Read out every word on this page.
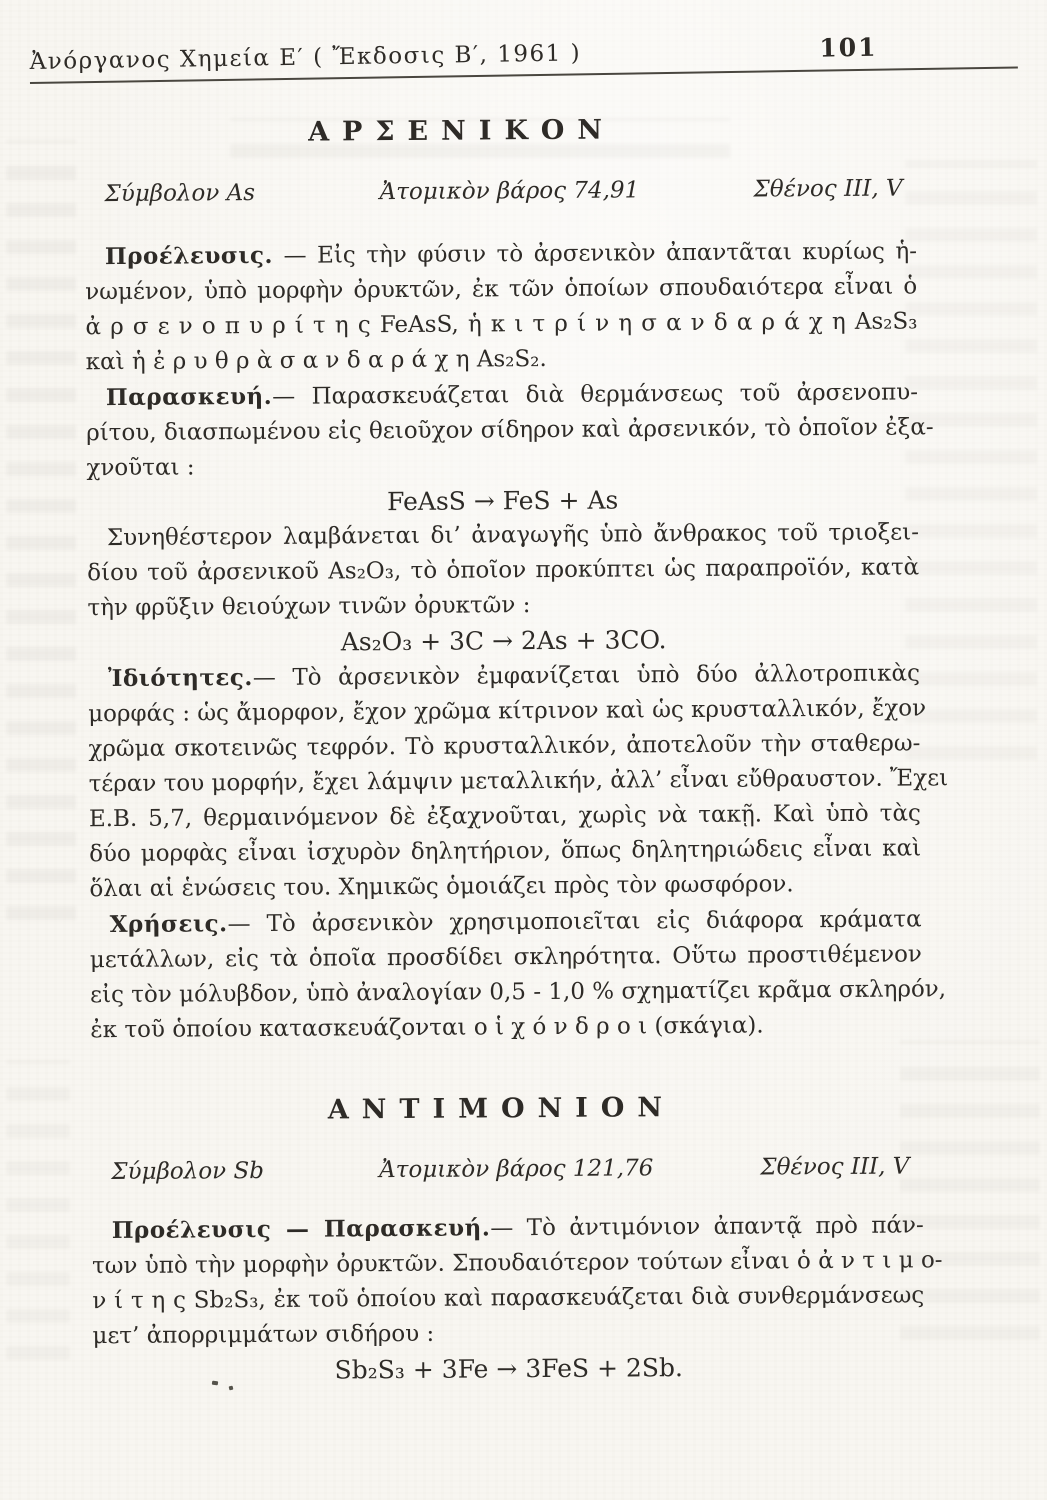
Ἀνόργανος Χημεία Ε′ ( Ἔκδοσις Β′, 1961 )	101
ΑΡΣΕΝΙΚΟΝ
Σύμβολον As	Ἀτομικὸν βάρος 74,91	Σθένος III, V
Προέλευσις. — Εἰς τὴν φύσιν τὸ ἀρσενικὸν ἀπαντᾶται κυρίως ἡ-
νωμένον, ὑπὸ μορφὴν ὀρυκτῶν, ἐκ τῶν ὁποίων σπουδαιότερα εἶναι ὁ
ἀ ρ σ ε ν ο π υ ρ ί τ η ς FeAsS, ἡ κ ι τ ρ ί ν η σ α ν δ α ρ ά χ η As₂S₃
καὶ ἡ ἐ ρ υ θ ρ ὰ σ α ν δ α ρ ά χ η As₂S₂.
Παρασκευή.— Παρασκευάζεται διὰ θερμάνσεως τοῦ ἀρσενοπυ-
ρίτου, διασπωμένου εἰς θειοῦχον σίδηρον καὶ ἀρσενικόν, τὸ ὁποῖον ἐξα-
χνοῦται :
FeAsS → FeS + As
Συνηθέστερον λαμβάνεται δι’ ἀναγωγῆς ὑπὸ ἄνθρακος τοῦ τριοξει-
δίου τοῦ ἀρσενικοῦ As₂O₃, τὸ ὁποῖον προκύπτει ὡς παραπροϊόν, κατὰ
τὴν φρῦξιν θειούχων τινῶν ὀρυκτῶν :
As₂O₃ + 3C → 2As + 3CO.
Ἰδιότητες.— Τὸ ἀρσενικὸν ἐμφανίζεται ὑπὸ δύο ἀλλοτροπικὰς
μορφάς : ὡς ἄμορφον, ἔχον χρῶμα κίτρινον καὶ ὡς κρυσταλλικόν, ἔχον
χρῶμα σκοτεινῶς τεφρόν. Τὸ κρυσταλλικόν, ἀποτελοῦν τὴν σταθερω-
τέραν του μορφήν, ἔχει λάμψιν μεταλλικήν, ἀλλ’ εἶναι εὔθραυστον. Ἔχει
Ε.Β. 5,7, θερμαινόμενον δὲ ἐξαχνοῦται, χωρὶς νὰ τακῇ. Καὶ ὑπὸ τὰς
δύο μορφὰς εἶναι ἰσχυρὸν δηλητήριον, ὅπως δηλητηριώδεις εἶναι καὶ
ὅλαι αἱ ἑνώσεις του. Χημικῶς ὁμοιάζει πρὸς τὸν φωσφόρον.
Χρήσεις.— Τὸ ἀρσενικὸν χρησιμοποιεῖται εἰς διάφορα κράματα
μετάλλων, εἰς τὰ ὁποῖα προσδίδει σκληρότητα. Οὕτω προστιθέμενον
εἰς τὸν μόλυβδον, ὑπὸ ἀναλογίαν 0,5 - 1,0 % σχηματίζει κρᾶμα σκληρόν,
ἐκ τοῦ ὁποίου κατασκευάζονται ο ἱ χ ό ν δ ρ ο ι (σκάγια).
ΑΝΤΙΜΟΝΙΟΝ
Σύμβολον Sb	Ἀτομικὸν βάρος 121,76	Σθένος III, V
Προέλευσις — Παρασκευή.— Τὸ ἀντιμόνιον ἀπαντᾷ πρὸ πάν-
των ὑπὸ τὴν μορφὴν ὀρυκτῶν. Σπουδαιότερον τούτων εἶναι ὁ ἀ ν τ ι μ ο-
ν ί τ η ς Sb₂S₃, ἐκ τοῦ ὁποίου καὶ παρασκευάζεται διὰ συνθερμάνσεως
μετ’ ἀπορριμμάτων σιδήρου :
Sb₂S₃ + 3Fe → 3FeS + 2Sb.
